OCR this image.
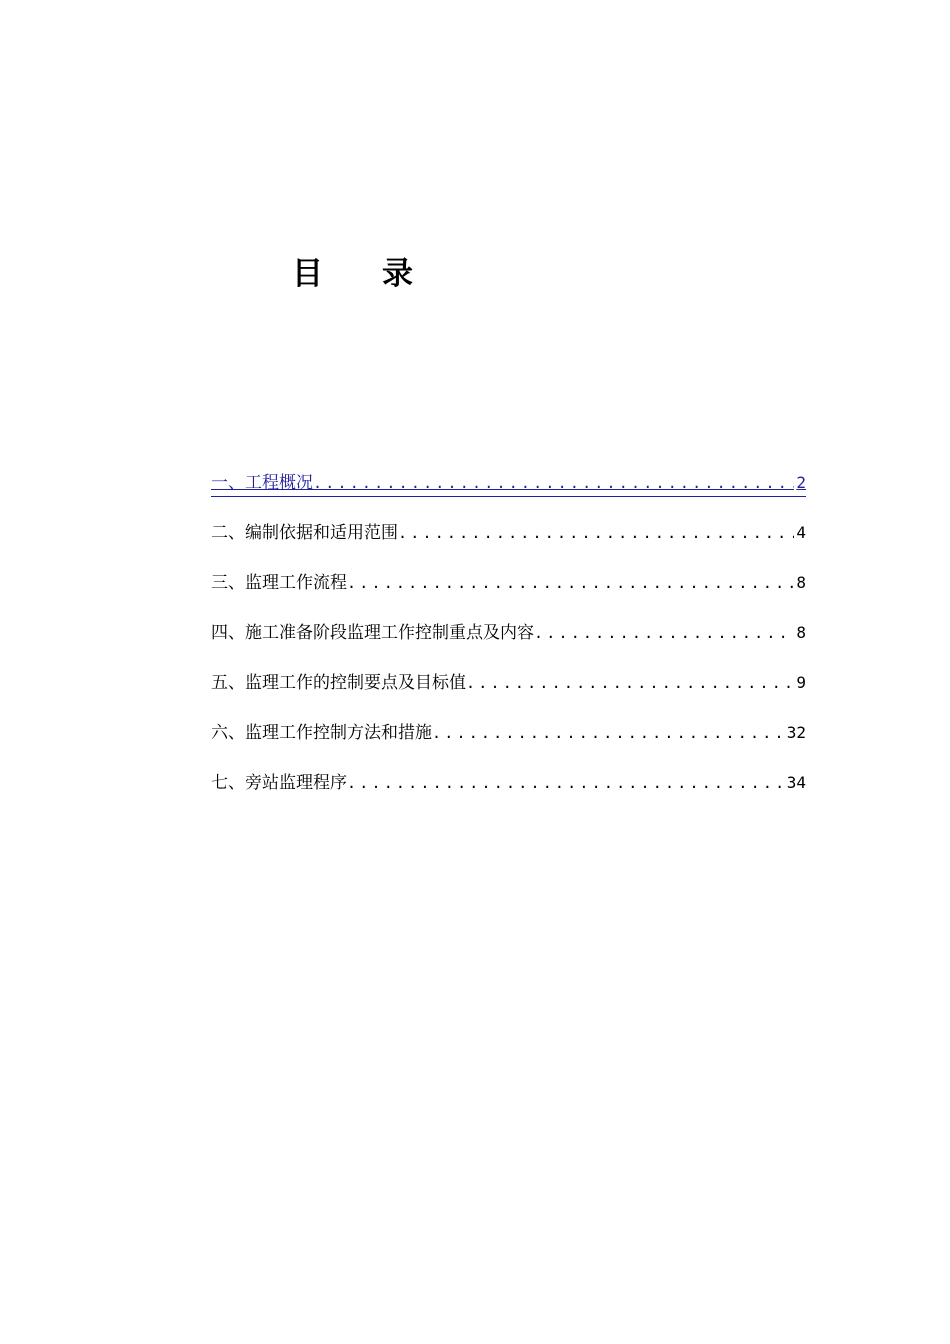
目	录
一、工程概况 .....	2
二、编制依据和适用范围 .....	4
三、监理工作流程 .....	8
四、施工准备阶段监理工作控制重点及内容 .....	8
五、监理工作的控制要点及目标值 .....	9
六、监理工作控制方法和措施 .....	32
七、旁站监理程序 .....	34
